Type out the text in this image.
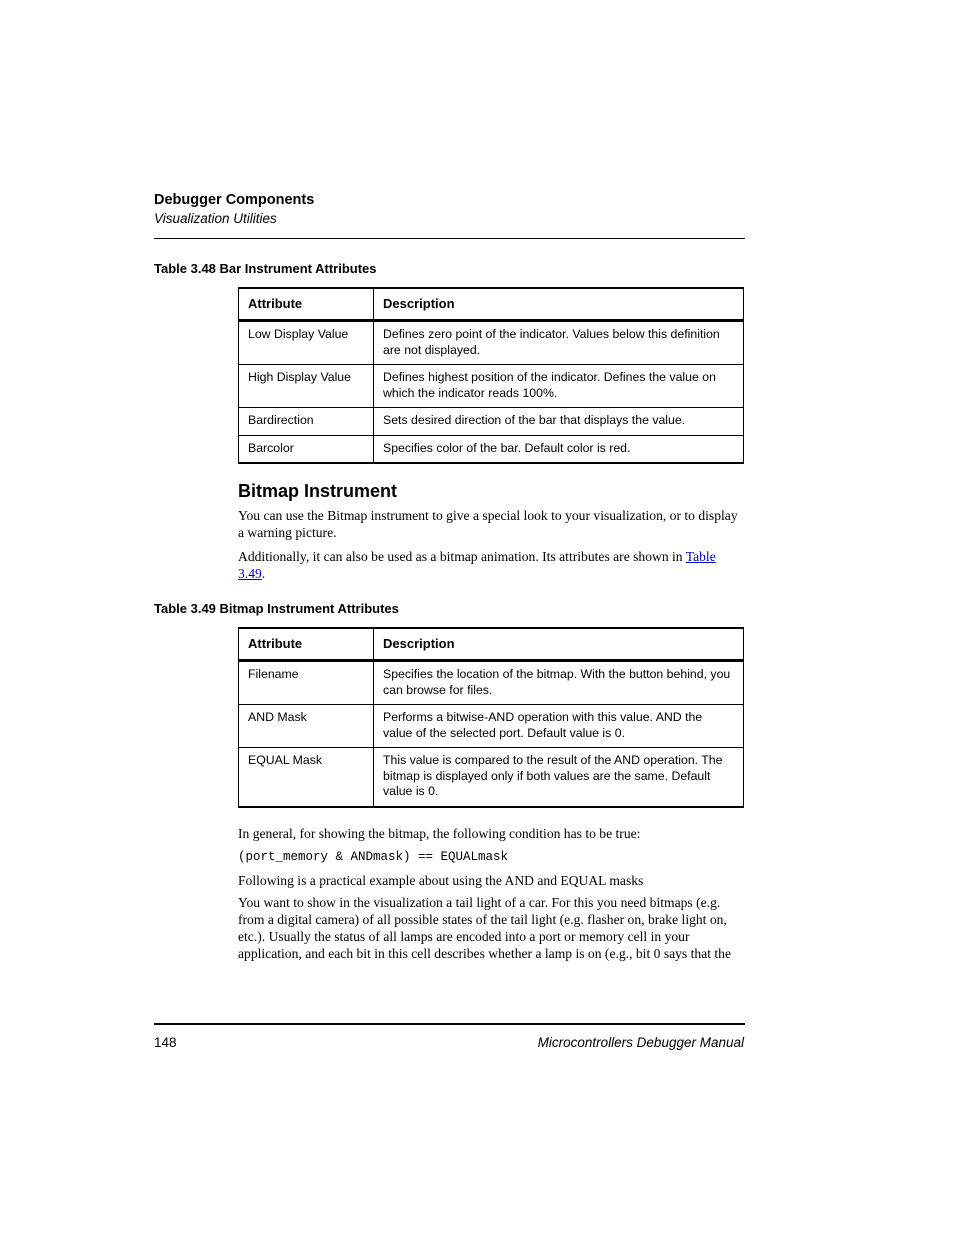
Debugger Components
Visualization Utilities
Table 3.48 Bar Instrument Attributes
Attribute	Description
Low Display Value	Defines zero point of the indicator. Values below this definition are not displayed.
High Display Value	Defines highest position of the indicator. Defines the value on which the indicator reads 100%.
Bardirection	Sets desired direction of the bar that displays the value.
Barcolor	Specifies color of the bar. Default color is red.
Bitmap Instrument
You can use the Bitmap instrument to give a special look to your visualization, or to display a warning picture.
Additionally, it can also be used as a bitmap animation. Its attributes are shown in Table 3.49.
Table 3.49 Bitmap Instrument Attributes
Attribute	Description
Filename	Specifies the location of the bitmap. With the button behind, you can browse for files.
AND Mask	Performs a bitwise-AND operation with this value. AND the value of the selected port. Default value is 0.
EQUAL Mask	This value is compared to the result of the AND operation. The bitmap is displayed only if both values are the same. Default value is 0.
In general, for showing the bitmap, the following condition has to be true:
(port_memory & ANDmask) == EQUALmask
Following is a practical example about using the AND and EQUAL masks
You want to show in the visualization a tail light of a car. For this you need bitmaps (e.g. from a digital camera) of all possible states of the tail light (e.g. flasher on, brake light on, etc.). Usually the status of all lamps are encoded into a port or memory cell in your application, and each bit in this cell describes whether a lamp is on (e.g., bit 0 says that the
148	Microcontrollers Debugger Manual
